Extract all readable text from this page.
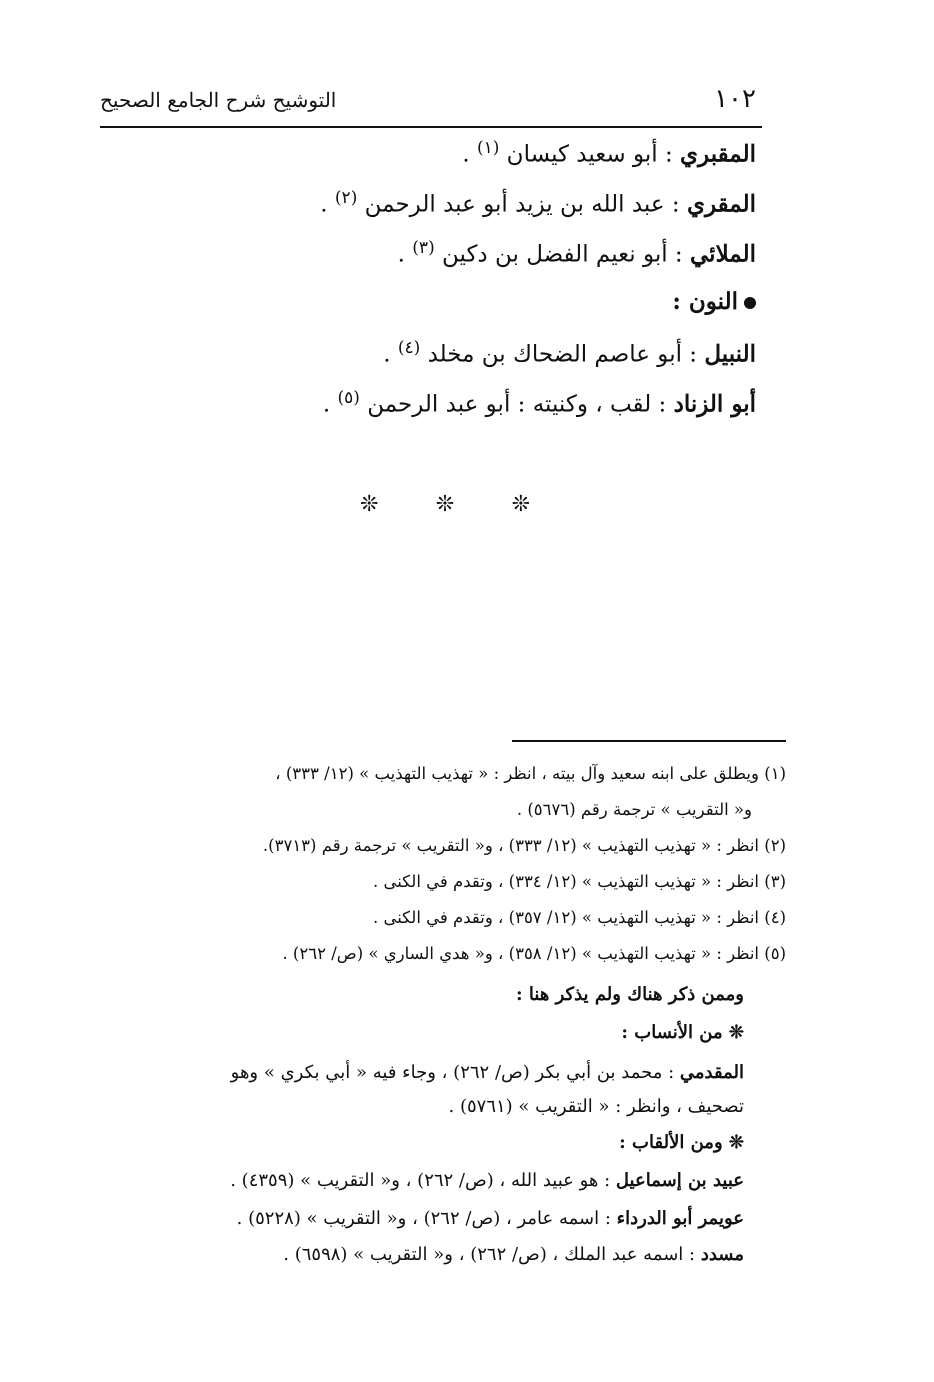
١٠٢
التوشيح شرح الجامع الصحيح
المقبري : أبو سعيد كيسان $^{(١)}$ .
المقري : عبد الله بن يزيد أبو عبد الرحمن $^{(٢)}$ .
الملائي : أبو نعيم الفضل بن دكين $^{(٣)}$ .
النون :
النبيل : أبو عاصم الضحاك بن مخلد $^{(٤)}$ .
أبو الزناد : لقب ، وكنيته : أبو عبد الرحمن $^{(٥)}$ .
❊	❊	❊
(١) ويطلق على ابنه سعيد وآل بيته ، انظر : « تهذيب التهذيب » (١٢/ ٣٣٣) ،
و« التقريب » ترجمة رقم (٥٦٧٦) .
(٢) انظر : « تهذيب التهذيب » (١٢/ ٣٣٣) ، و« التقريب » ترجمة رقم (٣٧١٣).
(٣) انظر : « تهذيب التهذيب » (١٢/ ٣٣٤) ، وتقدم في الكنى .
(٤) انظر : « تهذيب التهذيب » (١٢/ ٣٥٧) ، وتقدم في الكنى .
(٥) انظر : « تهذيب التهذيب » (١٢/ ٣٥٨) ، و« هدي الساري » (ص/ ٢٦٢) .
وممن ذكر هناك ولم يذكر هنا :
❊ من الأنساب :
المقدمي : محمد بن أبي بكر (ص/ ٢٦٢) ، وجاء فيه « أبي بكري » وهو
تصحيف ، وانظر : « التقريب » (٥٧٦١) .
❊ ومن الألقاب :
عبيد بن إسماعيل : هو عبيد الله ، (ص/ ٢٦٢) ، و« التقريب » (٤٣٥٩) .
عويمر أبو الدرداء : اسمه عامر ، (ص/ ٢٦٢) ، و« التقريب » (٥٢٢٨) .
مسدد : اسمه عبد الملك ، (ص/ ٢٦٢) ، و« التقريب » (٦٥٩٨) .
